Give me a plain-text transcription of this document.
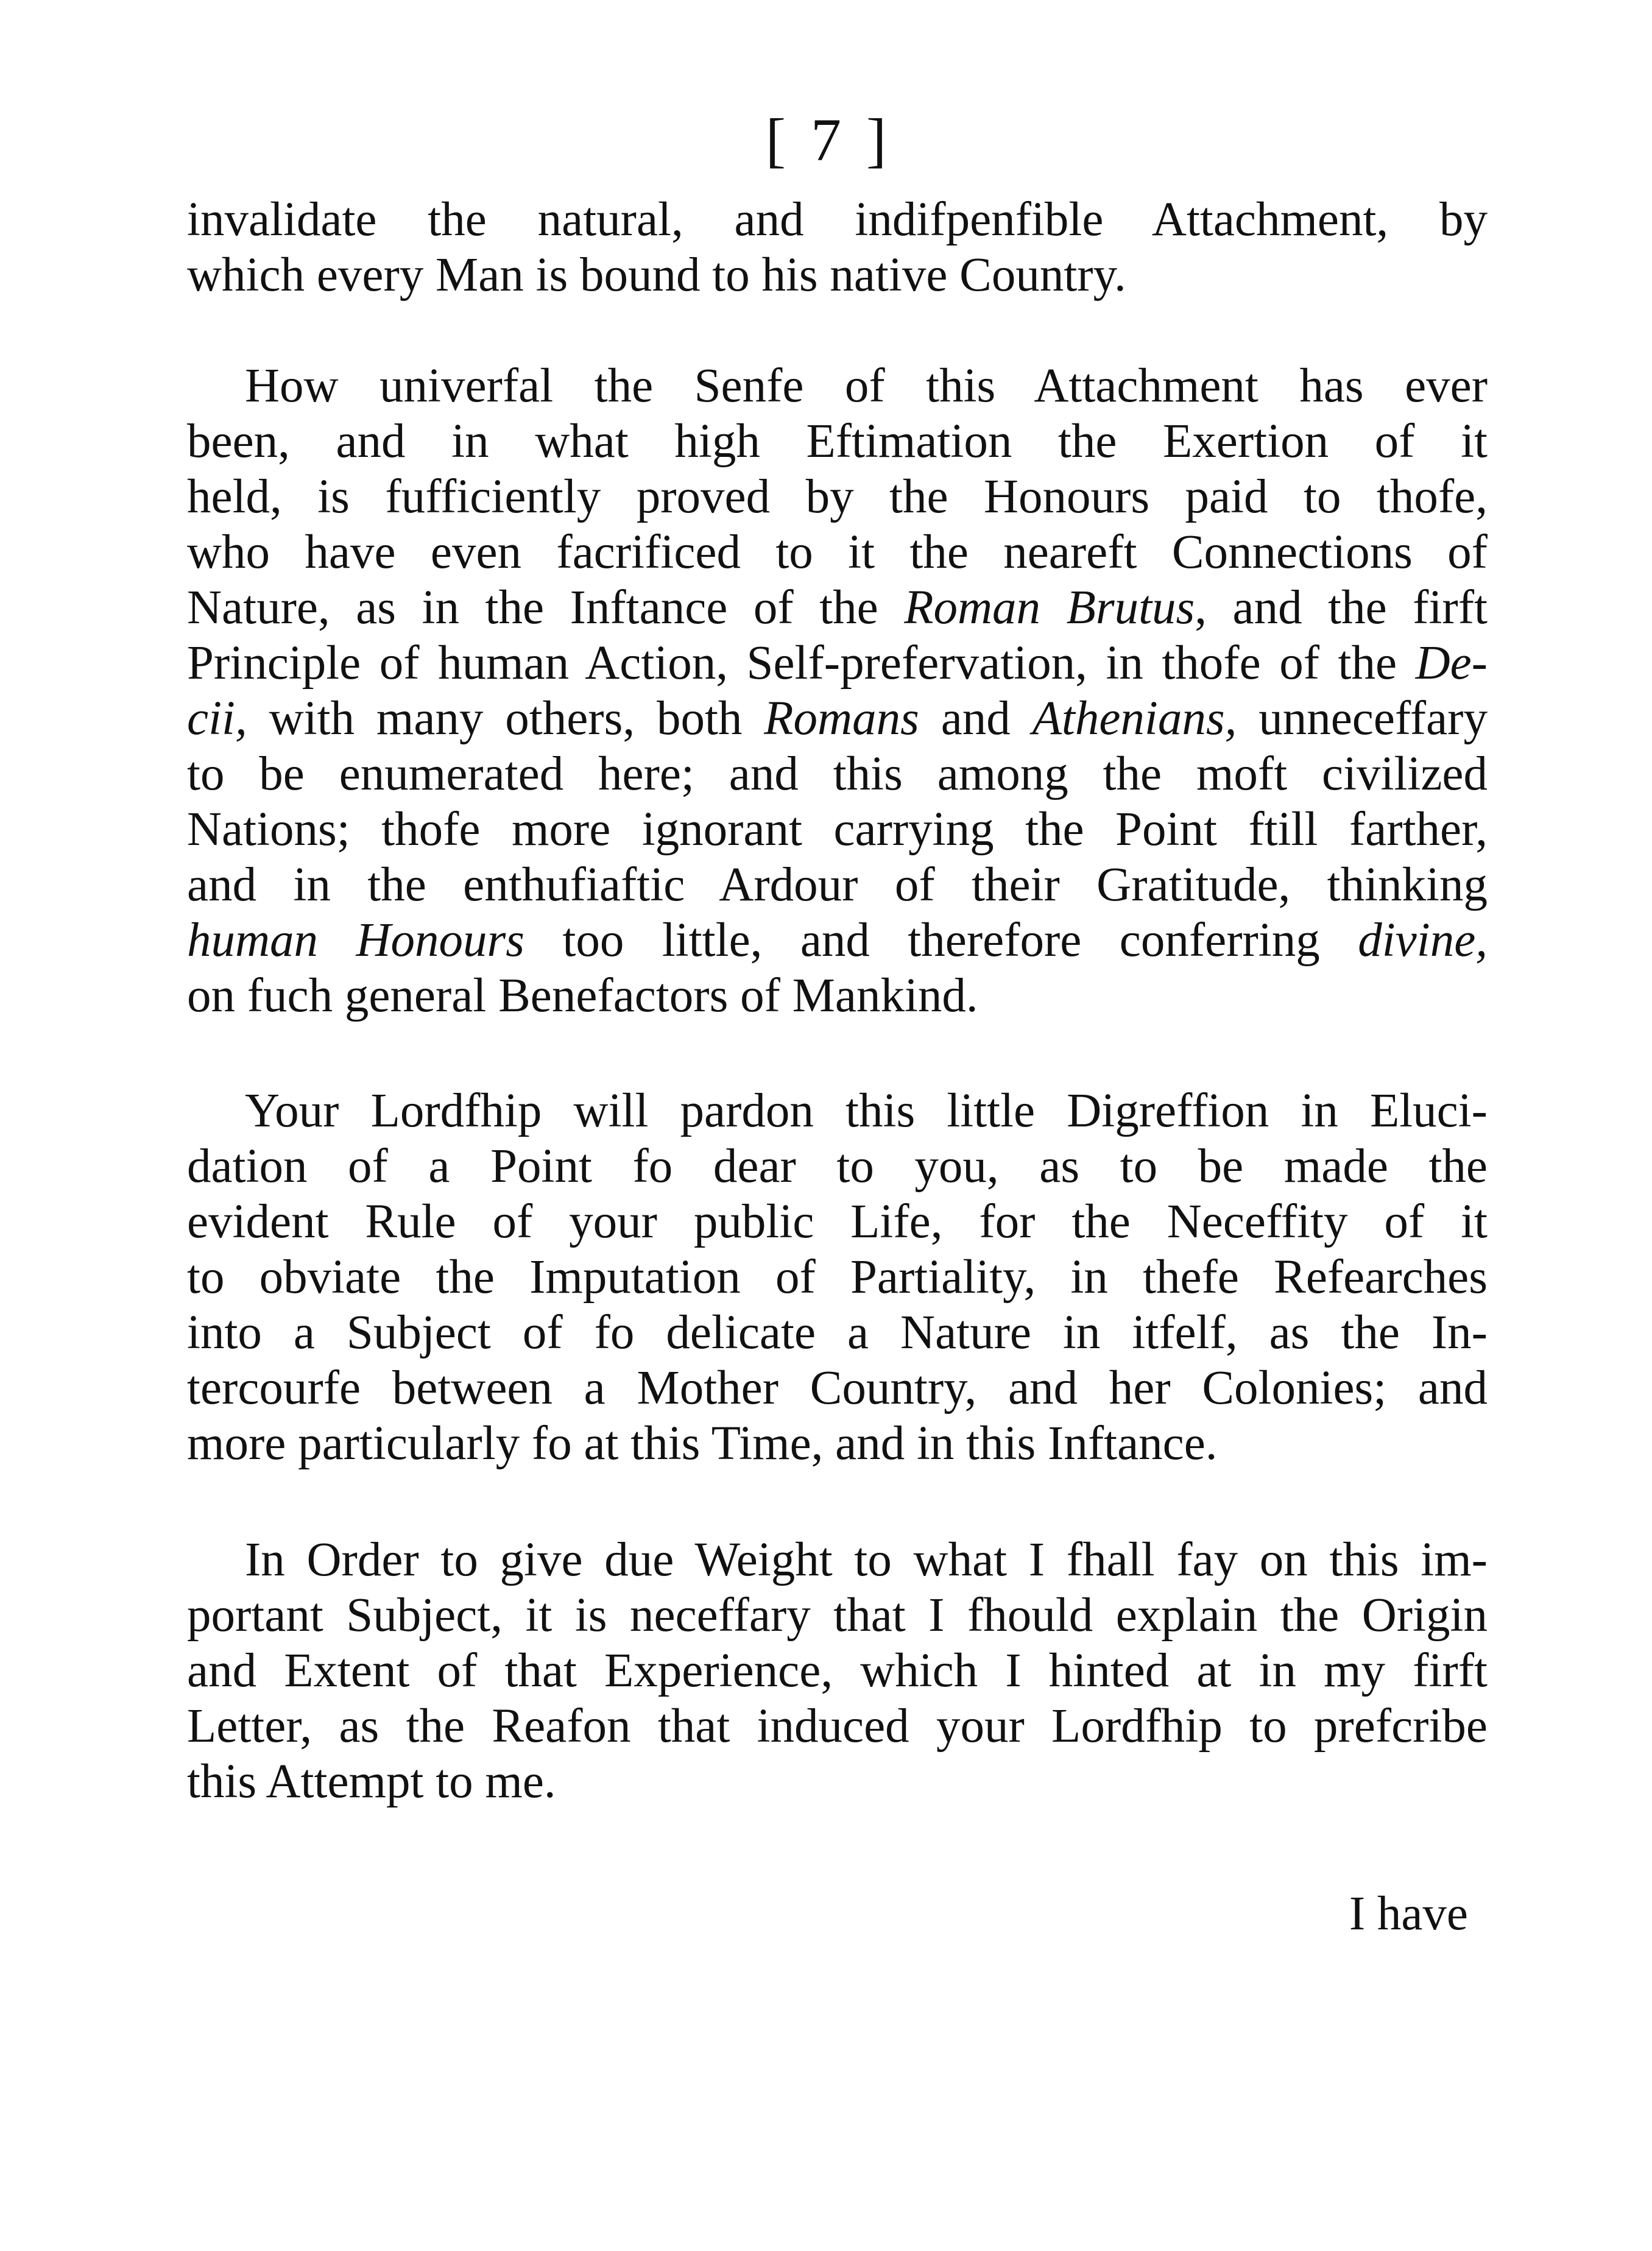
[ 7 ]
invalidate the natural, and indifpenfible Attachment, by
which every Man is bound to his native Country.
How univerfal the Senfe of this Attachment has ever
been, and in what high Eftimation the Exertion of it
held, is fufficiently proved by the Honours paid to thofe,
who have even facrificed to it the neareft Connections of
Nature, as in the Inftance of the Roman Brutus, and the firft
Principle of human Action, Self-prefervation, in thofe of the De-
cii, with many others, both Romans and Athenians, unneceffary
to be enumerated here; and this among the moft civilized
Nations; thofe more ignorant carrying the Point ftill farther,
and in the enthufiaftic Ardour of their Gratitude, thinking
human Honours too little, and therefore conferring divine,
on fuch general Benefactors of Mankind.
Your Lordfhip will pardon this little Digreffion in Eluci-
dation of a Point fo dear to you, as to be made the
evident Rule of your public Life, for the Neceffity of it
to obviate the Imputation of Partiality, in thefe Refearches
into a Subject of fo delicate a Nature in itfelf, as the In-
tercourfe between a Mother Country, and her Colonies; and
more particularly fo at this Time, and in this Inftance.
In Order to give due Weight to what I fhall fay on this im-
portant Subject, it is neceffary that I fhould explain the Origin
and Extent of that Experience, which I hinted at in my firft
Letter, as the Reafon that induced your Lordfhip to prefcribe
this Attempt to me.
I have
